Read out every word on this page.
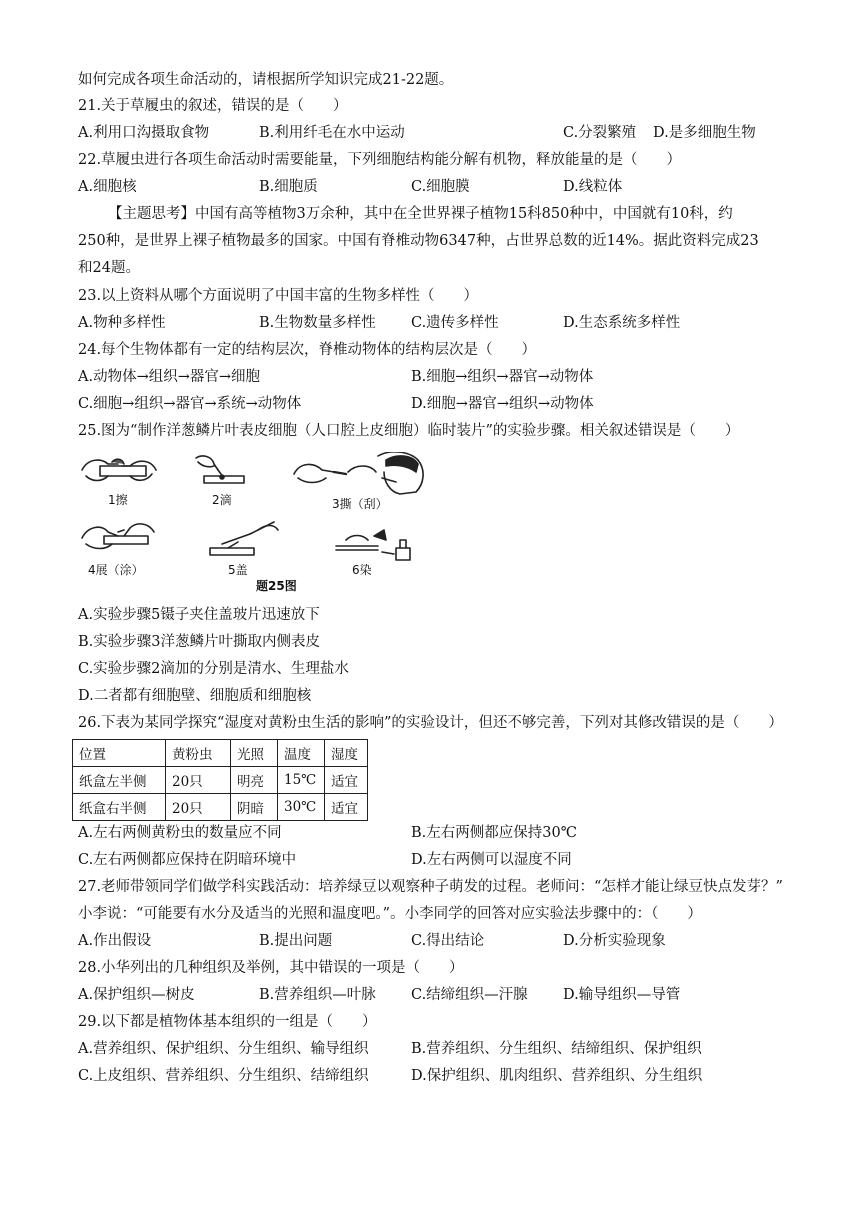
如何完成各项生命活动的，请根据所学知识完成21-22题。
21.关于草履虫的叙述，错误的是（　　）
A.利用口沟摄取食物	B.利用纤毛在水中运动	C.分裂繁殖 D.是多细胞生物
22.草履虫进行各项生命活动时需要能量，下列细胞结构能分解有机物，释放能量的是（　　）
A.细胞核	B.细胞质	C.细胞膜	D.线粒体
【主题思考】中国有高等植物3万余种，其中在全世界裸子植物15科850种中，中国就有10科，约
250种，是世界上裸子植物最多的国家。中国有脊椎动物6347种，占世界总数的近14%。据此资料完成23
和24题。
23.以上资料从哪个方面说明了中国丰富的生物多样性（　　）
A.物种多样性	B.生物数量多样性 C.遗传多样性	D.生态系统多样性
24.每个生物体都有一定的结构层次，脊椎动物体的结构层次是（　　）
A.动物体→组织→器官→细胞	B.细胞→组织→器官→动物体
C.细胞→组织→器官→系统→动物体	D.细胞→器官→组织→动物体
25.图为“制作洋葱鳞片叶表皮细胞（人口腔上皮细胞）临时装片”的实验步骤。相关叙述错误是（　　）
1擦	2滴	3撕（刮）
4展（涂）	5盖	6染
题25图
A.实验步骤5镊子夹住盖玻片迅速放下
B.实验步骤3洋葱鳞片叶撕取内侧表皮
C.实验步骤2滴加的分别是清水、生理盐水
D.二者都有细胞壁、细胞质和细胞核
26.下表为某同学探究“湿度对黄粉虫生活的影响”的实验设计，但还不够完善，下列对其修改错误的是（　　）
位置	黄粉虫	光照	温度	湿度
纸盒左半侧	20只	明亮	15℃	适宜
纸盒右半侧	20只	阴暗	30℃	适宜
A.左右两侧黄粉虫的数量应不同	B.左右两侧都应保持30℃
C.左右两侧都应保持在阴暗环境中	D.左右两侧可以湿度不同
27.老师带领同学们做学科实践活动：培养绿豆以观察种子萌发的过程。老师问：“怎样才能让绿豆快点发芽？”
小李说：“可能要有水分及适当的光照和温度吧。”。小李同学的回答对应实验法步骤中的：（　　）
A.作出假设	B.提出问题	C.得出结论	D.分析实验现象
28.小华列出的几种组织及举例，其中错误的一项是（　　）
A.保护组织—树皮	B.营养组织—叶脉 C.结缔组织—汗腺 D.输导组织—导管
29.以下都是植物体基本组织的一组是（　　）
A.营养组织、保护组织、分生组织、输导组织	B.营养组织、分生组织、结缔组织、保护组织
C.上皮组织、营养组织、分生组织、结缔组织	D.保护组织、肌肉组织、营养组织、分生组织
